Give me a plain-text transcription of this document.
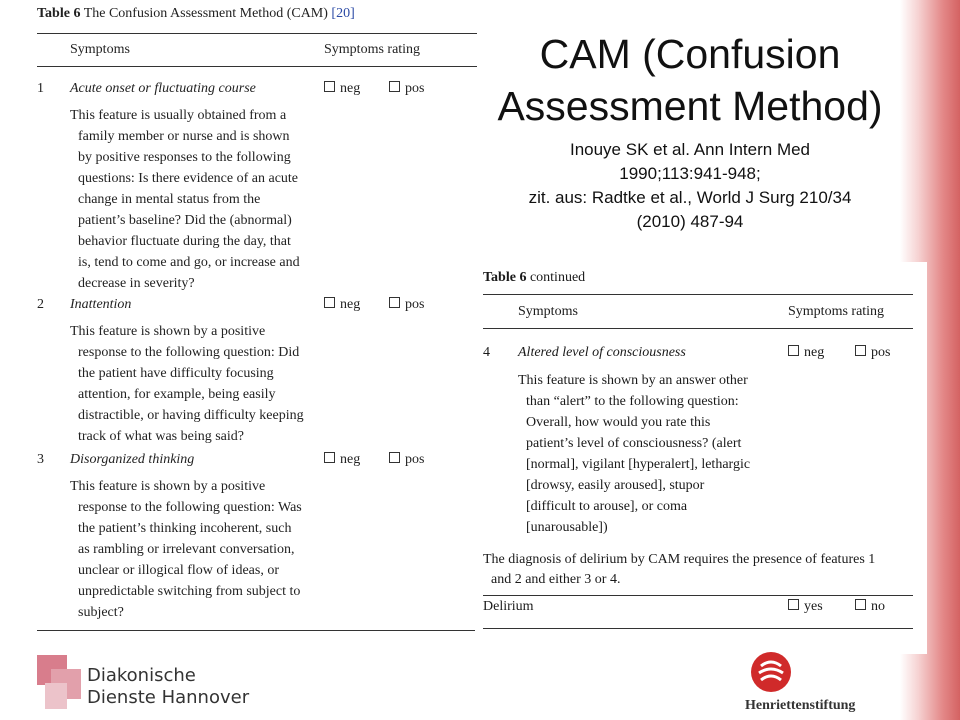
Table 6 The Confusion Assessment Method (CAM) [20]
Symptoms	Symptoms rating
1 Acute onset or fluctuating course	neg	pos
This feature is usually obtained from a
family member or nurse and is shown
by positive responses to the following
questions: Is there evidence of an acute
change in mental status from the
patient’s baseline? Did the (abnormal)
behavior fluctuate during the day, that
is, tend to come and go, or increase and
decrease in severity?
2 Inattention	neg	pos
This feature is shown by a positive
response to the following question: Did
the patient have difficulty focusing
attention, for example, being easily
distractible, or having difficulty keeping
track of what was being said?
3 Disorganized thinking	neg	pos
This feature is shown by a positive
response to the following question: Was
the patient’s thinking incoherent, such
as rambling or irrelevant conversation,
unclear or illogical flow of ideas, or
unpredictable switching from subject to
subject?
CAM (Confusion Assessment Method)
Inouye SK et al. Ann Intern Med
1990;113:941-948;
zit. aus: Radtke et al., World J Surg 210/34
(2010) 487-94
Table 6 continued
Symptoms	Symptoms rating
4 Altered level of consciousness	neg	pos
This feature is shown by an answer other
than “alert” to the following question:
Overall, how would you rate this
patient’s level of consciousness? (alert
[normal], vigilant [hyperalert], lethargic
[drowsy, easily aroused], stupor
[difficult to arouse], or coma
[unarousable])
The diagnosis of delirium by CAM requires the presence of features 1
and 2 and either 3 or 4.
Delirium	yes	no
Diakonische
Dienste Hannover	Henriettenstiftung
